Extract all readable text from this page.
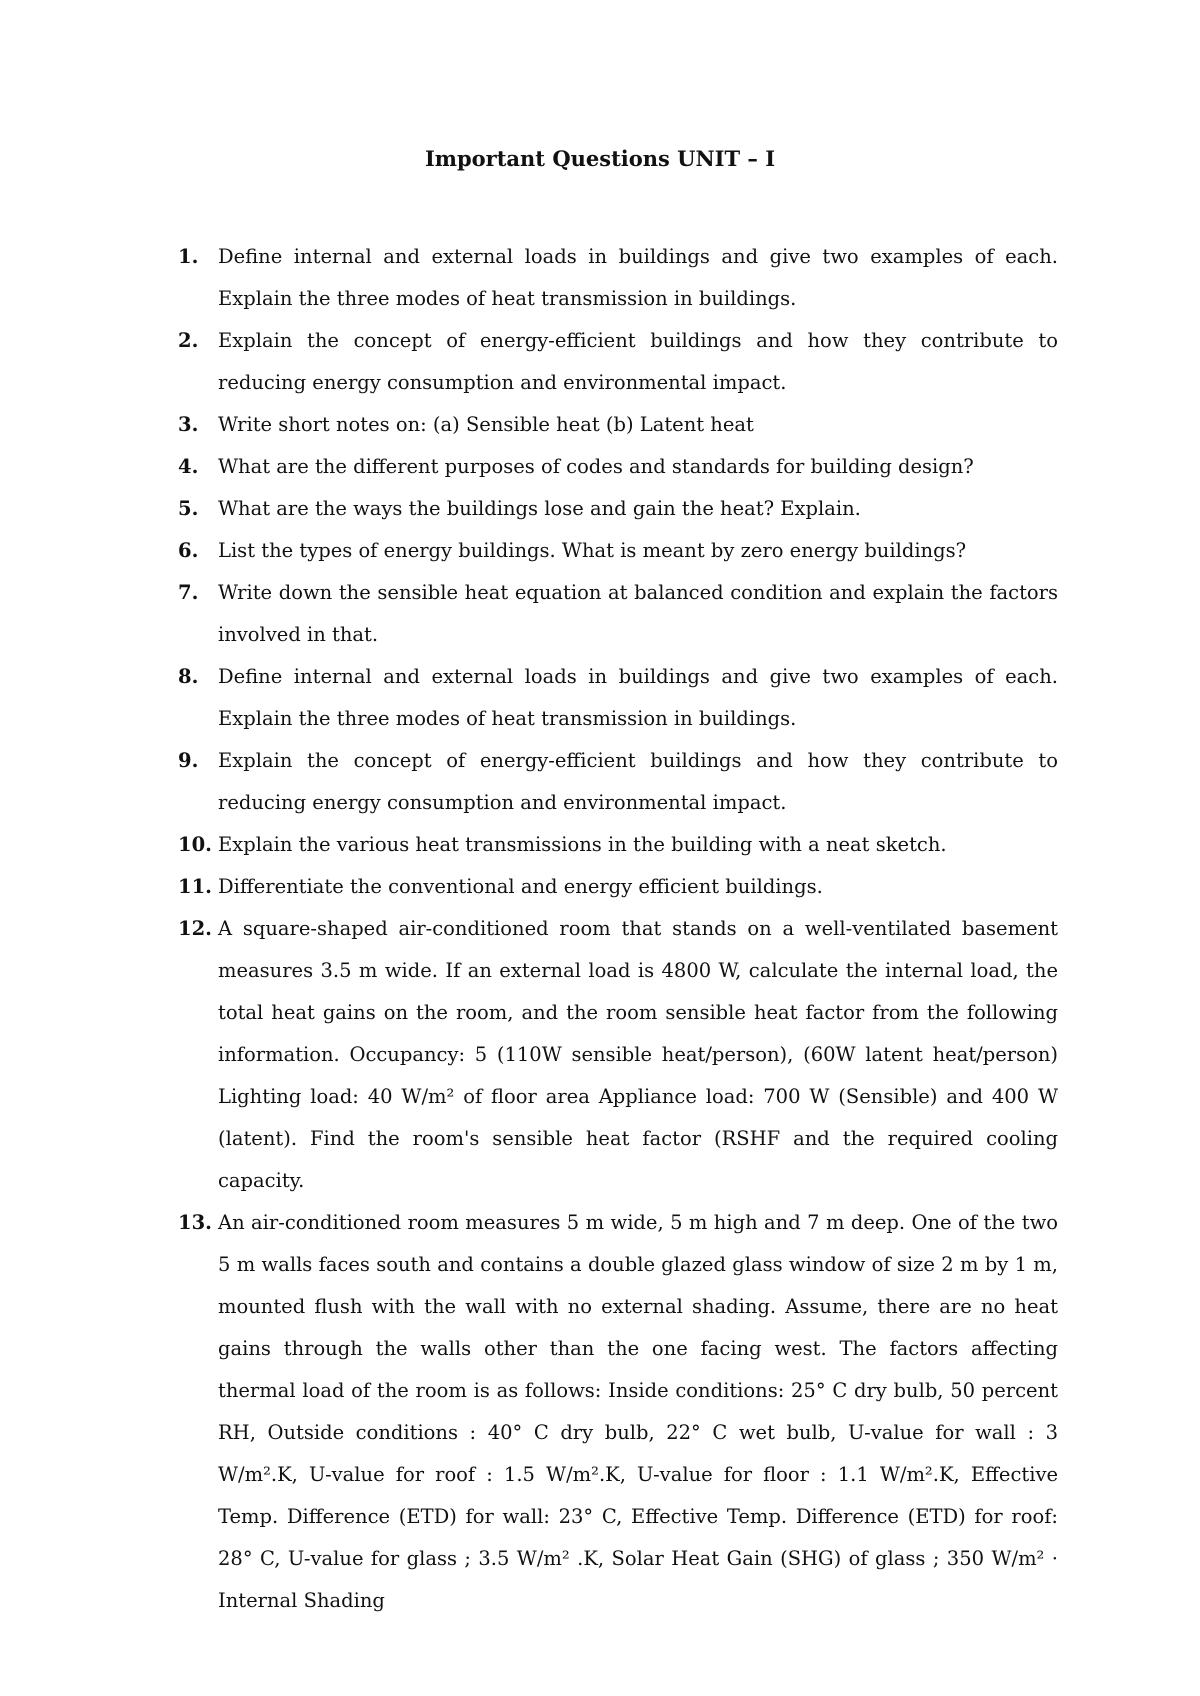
Important Questions UNIT – I
1. Define internal and external loads in buildings and give two examples of each. Explain the three modes of heat transmission in buildings.
2. Explain the concept of energy-efficient buildings and how they contribute to reducing energy consumption and environmental impact.
3. Write short notes on: (a) Sensible heat (b) Latent heat
4. What are the different purposes of codes and standards for building design?
5. What are the ways the buildings lose and gain the heat? Explain.
6. List the types of energy buildings. What is meant by zero energy buildings?
7. Write down the sensible heat equation at balanced condition and explain the factors involved in that.
8. Define internal and external loads in buildings and give two examples of each. Explain the three modes of heat transmission in buildings.
9. Explain the concept of energy-efficient buildings and how they contribute to reducing energy consumption and environmental impact.
10. Explain the various heat transmissions in the building with a neat sketch.
11. Differentiate the conventional and energy efficient buildings.
12. A square-shaped air-conditioned room that stands on a well-ventilated basement measures 3.5 m wide. If an external load is 4800 W, calculate the internal load, the total heat gains on the room, and the room sensible heat factor from the following information. Occupancy: 5 (110W sensible heat/person), (60W latent heat/person) Lighting load: 40 W/m² of floor area Appliance load: 700 W (Sensible) and 400 W (latent). Find the room's sensible heat factor (RSHF and the required cooling capacity.
13. An air-conditioned room measures 5 m wide, 5 m high and 7 m deep. One of the two 5 m walls faces south and contains a double glazed glass window of size 2 m by 1 m, mounted flush with the wall with no external shading. Assume, there are no heat gains through the walls other than the one facing west. The factors affecting thermal load of the room is as follows: Inside conditions: 25° C dry bulb, 50 percent RH, Outside conditions : 40° C dry bulb, 22° C wet bulb, U-value for wall : 3 W/m².K, U-value for roof : 1.5 W/m².K, U-value for floor : 1.1 W/m².K, Effective Temp. Difference (ETD) for wall: 23° C, Effective Temp. Difference (ETD) for roof: 28° C, U-value for glass ; 3.5 W/m² .K, Solar Heat Gain (SHG) of glass ; 350 W/m² · Internal Shading
